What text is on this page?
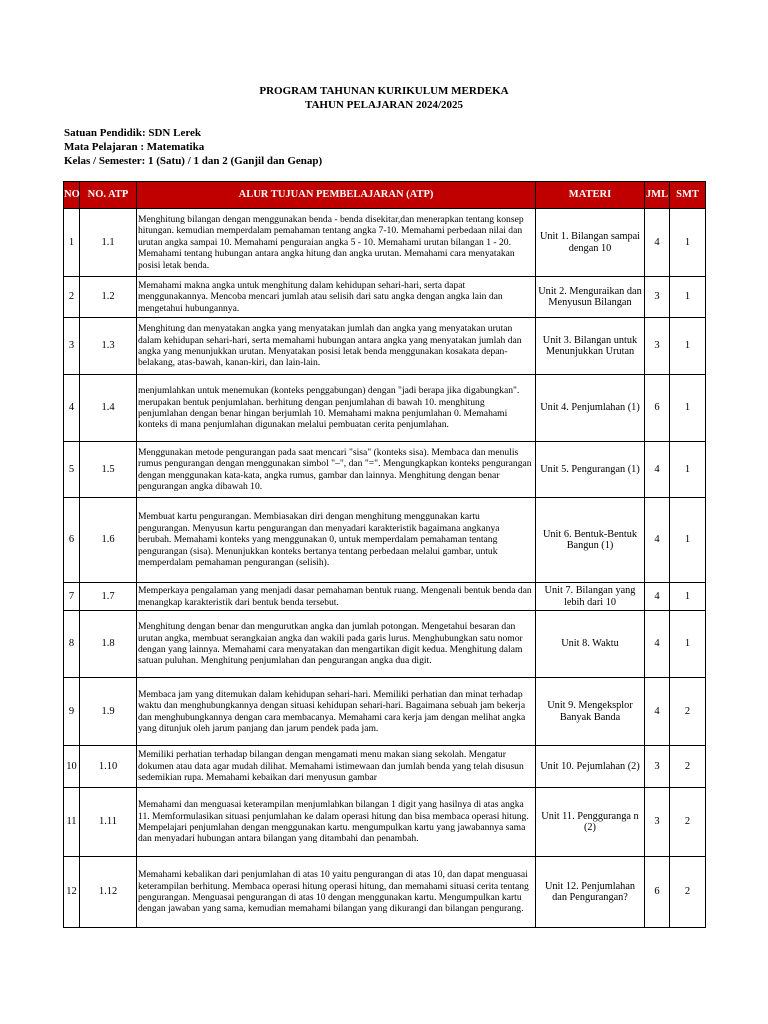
PROGRAM TAHUNAN KURIKULUM MERDEKA
TAHUN PELAJARAN 2024/2025
Satuan Pendidik: SDN Lerek
Mata Pelajaran : Matematika
Kelas / Semester: 1 (Satu) / 1 dan 2 (Ganjil dan Genap)
NO	NO. ATP	ALUR TUJUAN PEMBELAJARAN (ATP)	MATERI	JML	SMT
1	1.1	Menghitung bilangan dengan menggunakan benda - benda disekitar,dan menerapkan tentang konsep hitungan. kemudian memperdalam pemahaman tentang angka 7-10. Memahami perbedaan nilai dan urutan angka sampai 10. Memahami penguraian angka 5 - 10. Memahami urutan bilangan 1 - 20. Memahami tentang hubungan antara angka hitung dan angka urutan. Memahami cara menyatakan posisi letak benda.	Unit 1. Bilangan sampai dengan 10	4	1
2	1.2	Memahami makna angka untuk menghitung dalam kehidupan sehari-hari, serta dapat menggunakannya. Mencoba mencari jumlah atau selisih dari satu angka dengan angka lain dan mengetahui hubungannya.	Unit 2. Menguraikan dan Menyusun Bilangan	3	1
3	1.3	Menghitung dan menyatakan angka yang menyatakan jumlah dan angka yang menyatakan urutan dalam kehidupan sehari-hari, serta memahami hubungan antara angka yang menyatakan jumlah dan angka yang menunjukkan urutan. Menyatakan posisi letak benda menggunakan kosakata depan-belakang, atas-bawah, kanan-kiri, dan lain-lain.	Unit 3. Bilangan untuk Menunjukkan Urutan	3	1
4	1.4	menjumlahkan untuk menemukan (konteks penggabungan) dengan "jadi berapa jika digabungkan". merupakan bentuk penjumlahan. berhitung dengan penjumlahan di bawah 10. menghitung penjumlahan dengan benar hingan berjumlah 10. Memahami makna penjumlahan 0. Memahami konteks di mana penjumlahan digunakan melalui pembuatan cerita penjumlahan.	Unit 4. Penjumlahan (1)	6	1
5	1.5	Menggunakan metode pengurangan pada saat mencari "sisa" (konteks sisa). Membaca dan menulis rumus pengurangan dengan menggunakan simbol "–", dan "=". Mengungkapkan konteks pengurangan dengan menggunakan kata-kata, angka rumus, gambar dan lainnya. Menghitung dengan benar pengurangan angka dibawah 10.	Unit 5. Pengurangan (1)	4	1
6	1.6	Membuat kartu pengurangan. Membiasakan diri dengan menghitung menggunakan kartu pengurangan. Menyusun kartu pengurangan dan menyadari karakteristik bagaimana angkanya berubah. Memahami konteks yang menggunakan 0, untuk memperdalam pemahaman tentang pengurangan (sisa). Menunjukkan konteks bertanya tentang perbedaan melalui gambar, untuk memperdalam pemahaman pengurangan (selisih).	Unit 6. Bentuk-Bentuk Bangun (1)	4	1
7	1.7	Memperkaya pengalaman yang menjadi dasar pemahaman bentuk ruang. Mengenali bentuk benda dan menangkap karakteristik dari bentuk benda tersebut.	Unit 7. Bilangan yang lebih dari 10	4	1
8	1.8	Menghitung dengan benar dan mengurutkan angka dan jumlah potongan. Mengetahui besaran dan urutan angka, membuat serangkaian angka dan wakili pada garis lurus. Menghubungkan satu nomor dengan yang lainnya. Memahami cara menyatakan dan mengartikan digit kedua. Menghitung dalam satuan puluhan. Menghitung penjumlahan dan pengurangan angka dua digit.	Unit 8. Waktu	4	1
9	1.9	Membaca jam yang ditemukan dalam kehidupan sehari-hari. Memiliki perhatian dan minat terhadap waktu dan menghubungkannya dengan situasi kehidupan sehari-hari. Bagaimana sebuah jam bekerja dan menghubungkannya dengan cara membacanya. Memahami cara kerja jam dengan melihat angka yang ditunjuk oleh jarum panjang dan jarum pendek pada jam.	Unit 9. Mengeksplor Banyak Banda	4	2
10	1.10	Memiliki perhatian terhadap bilangan dengan mengamati menu makan siang sekolah. Mengatur dokumen atau data agar mudah dilihat. Memahami istimewaan dan jumlah benda yang telah disusun sedemikian rupa. Memahami kebaikan dari menyusun gambar	Unit 10. Pejumlahan (2)	3	2
11	1.11	Memahami dan menguasai keterampilan menjumlahkan bilangan 1 digit yang hasilnya di atas angka 11. Memformulasikan situasi penjumlahan ke dalam operasi hitung dan bisa membaca operasi hitung. Mempelajari penjumlahan dengan menggunakan kartu. mengumpulkan kartu yang jawabannya sama dan menyadari hubungan antara bilangan yang ditambahi dan penambah.	Unit 11. Pengguranga n (2)	3	2
12	1.12	Memahami kebalikan dari penjumlahan di atas 10 yaitu pengurangan di atas 10, dan dapat menguasai keterampilan berhitung. Membaca operasi hitung operasi hitung, dan memahami situasi cerita tentang pengurangan. Menguasai pengurangan di atas 10 dengan menggunakan kartu. Mengumpulkan kartu dengan jawaban yang sama, kemudian memahami bilangan yang dikurangi dan bilangan pengurang.	Unit 12. Penjumlahan dan Pengurangan?	6	2
